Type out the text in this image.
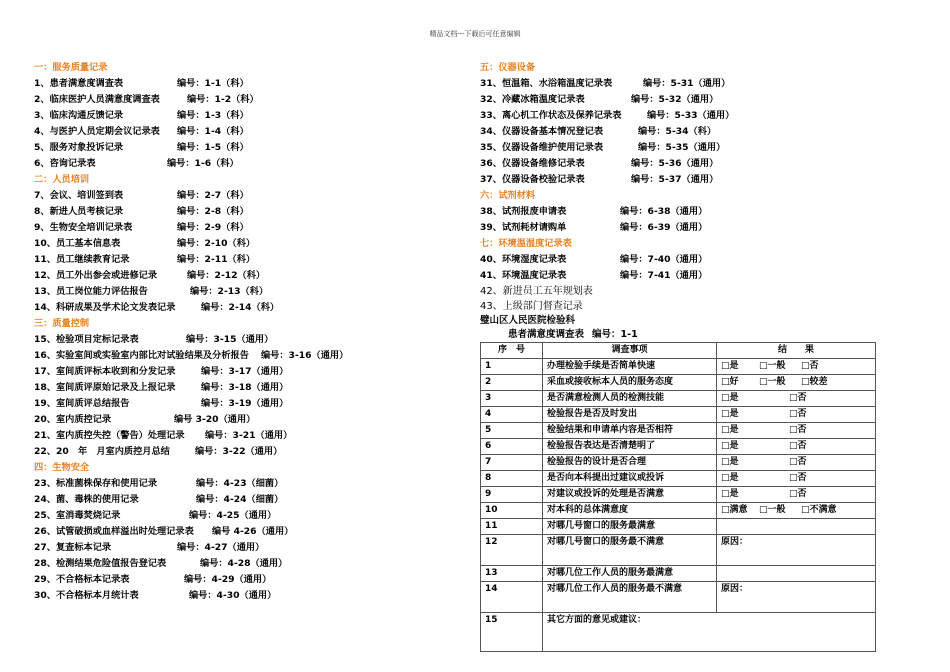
精品文档---下载后可任意编辑
一：服务质量记录
1、患者满意度调查表	编号：1-1（科）
2、临床医护人员满意度调查表	编号：1-2（科）
3、临床沟通反馈记录	编号：1-3（科）
4、与医护人员定期会议记录表 编号：1-4（科）
5、服务对象投诉记录	编号：1-5（科）
6、咨询记录表	编号：1-6（科）
二：人员培训
7、会议、培训签到表	编号：2-7（科）
8、新进人员考核记录	编号：2-8（科）
9、生物安全培训记录表	编号：2-9（科）
10、员工基本信息表	编号：2-10（科）
11、员工继续教育记录	编号：2-11（科）
12、员工外出参会或进修记录	编号：2-12（科）
13、员工岗位能力评估报告	编号：2-13（科）
14、科研成果及学术论文发表记录	编号：2-14（科）
三：质量控制
15、检验项目定标记录表	编号：3-15（通用）
16、实验室间或实验室内部比对试验结果及分析报告 编号：3-16（通用）
17、室间质评标本收到和分发记录	编号：3-17（通用）
18、室间质评原始记录及上报记录	编号：3-18（通用）
19、室间质评总结报告	编号：3-19（通用）
20、室内质控记录	编号 3-20（通用）
21、室内质控失控（警告）处理记录 编号：3-21（通用）
22、20　年　月室内质控月总结	编号：3-22（通用）
四：生物安全
23、标准菌株保存和使用记录	编号：4-23（细菌）
24、菌、毒株的使用记录	编号：4-24（细菌）
25、室消毒焚烧记录	编号：4-25（通用）
26、试管破损或血样溢出时处理记录表 编号 4-26（通用）
27、复查标本记录	编号：4-27（通用）
28、检测结果危险值报告登记表	编号：4-28（通用）
29、不合格标本记录表	编号：4-29（通用）
30、不合格标本月统计表	编号：4-30（通用）
五：仪器设备
31、恒温箱、水浴箱温度记录表	编号：5-31（通用）
32、冷藏冰箱温度记录表	编号：5-32（通用）
33、离心机工作状态及保养记录表	编号：5-33（通用）
34、仪器设备基本情况登记表	编号：5-34（科）
35、仪器设备维护使用记录表	编号：5-35（通用）
36、仪器设备维修记录表	编号：5-36（通用）
37、仪器设备校验记录表	编号：5-37（通用）
六：试剂材料
38、试剂报废申请表	编号：6-38（通用）
39、试剂耗材请购单	编号：6-39（通用）
七：环境温湿度记录表
40、环境湿度记录表	编号：7-40（通用）
41、环境温度记录表	编号：7-41（通用）
42、新进员工五年规划表
43、上级部门督查记录
璧山区人民医院检验科
患者满意度调查表 编号：1-1
序　号	调查事项	结　　果
1	办理检验手续是否简单快速	□是 □一般 □否
2	采血或接收标本人员的服务态度	□好 □一般 □较差
3	是否满意检测人员的检测技能	□是 □否
4	检验报告是否及时发出	□是 □否
5	检验结果和申请单内容是否相符	□是 □否
6	检验报告表达是否清楚明了	□是 □否
7	检验报告的设计是否合理	□是 □否
8	是否向本科提出过建议或投诉	□是 □否
9	对建议或投诉的处理是否满意	□是 □否
10	对本科的总体满意度	□满意 □一般 □不满意
11	对哪几号窗口的服务最满意	
12	对哪几号窗口的服务最不满意	原因：
13	对哪几位工作人员的服务最满意	
14	对哪几位工作人员的服务最不满意	原因：
15	其它方面的意见或建议：	
